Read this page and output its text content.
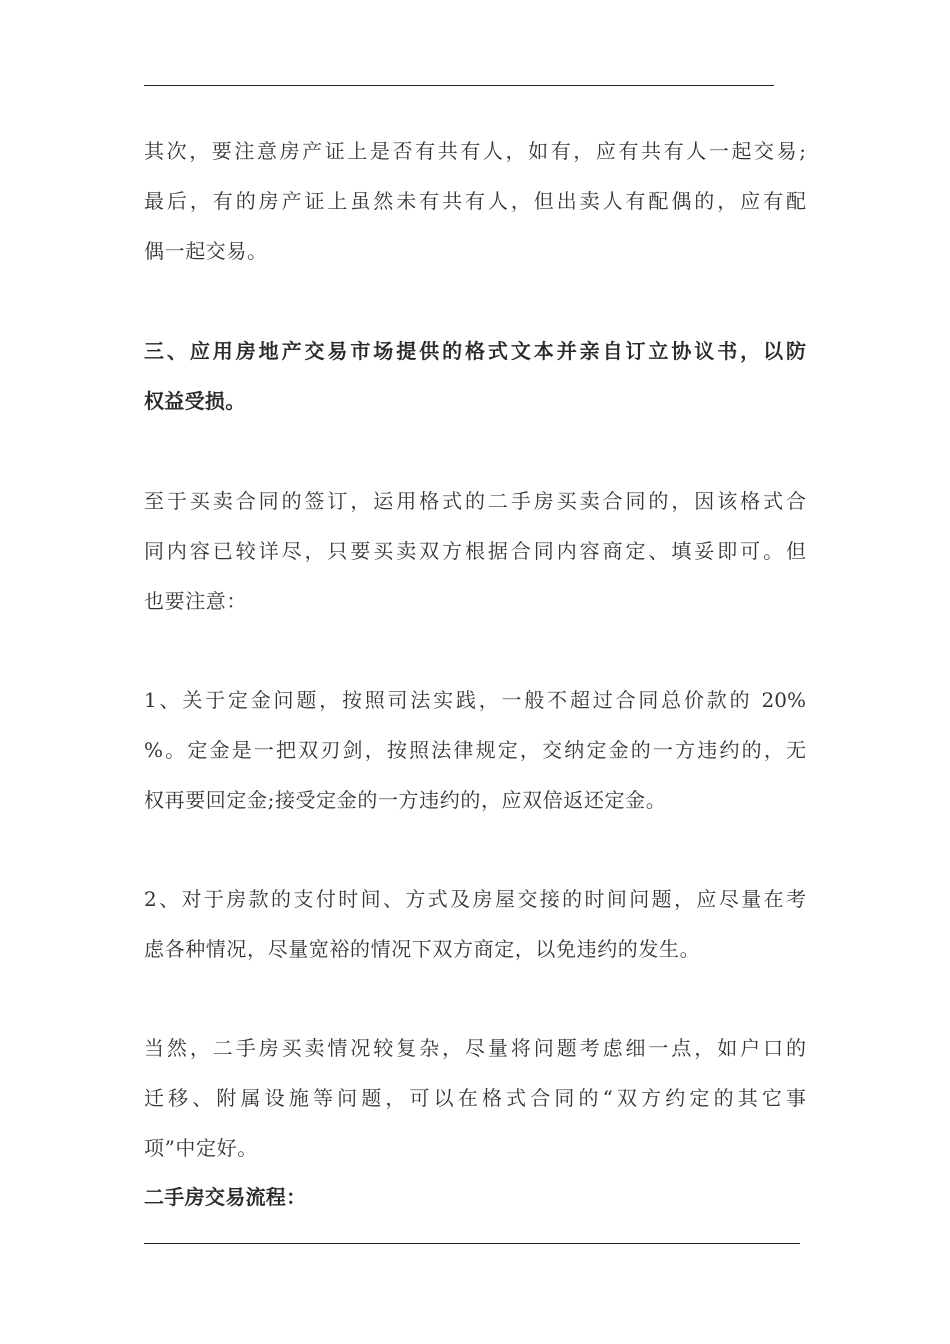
其次，要注意房产证上是否有共有人，如有，应有共有人一起交易;
最后，有的房产证上虽然未有共有人，但出卖人有配偶的，应有配
偶一起交易。
三、应用房地产交易市场提供的格式文本并亲自订立协议书，以防
权益受损。
至于买卖合同的签订，运用格式的二手房买卖合同的，因该格式合
同内容已较详尽，只要买卖双方根据合同内容商定、填妥即可。但
也要注意：
1、关于定金问题，按照司法实践，一般不超过合同总价款的 20%
%。定金是一把双刃剑，按照法律规定，交纳定金的一方违约的，无
权再要回定金;接受定金的一方违约的，应双倍返还定金。
2、对于房款的支付时间、方式及房屋交接的时间问题，应尽量在考
虑各种情况，尽量宽裕的情况下双方商定，以免违约的发生。
当然，二手房买卖情况较复杂，尽量将问题考虑细一点，如户口的
迁移、附属设施等问题，可以在格式合同的“双方约定的其它事
项”中定好。
二手房交易流程：
